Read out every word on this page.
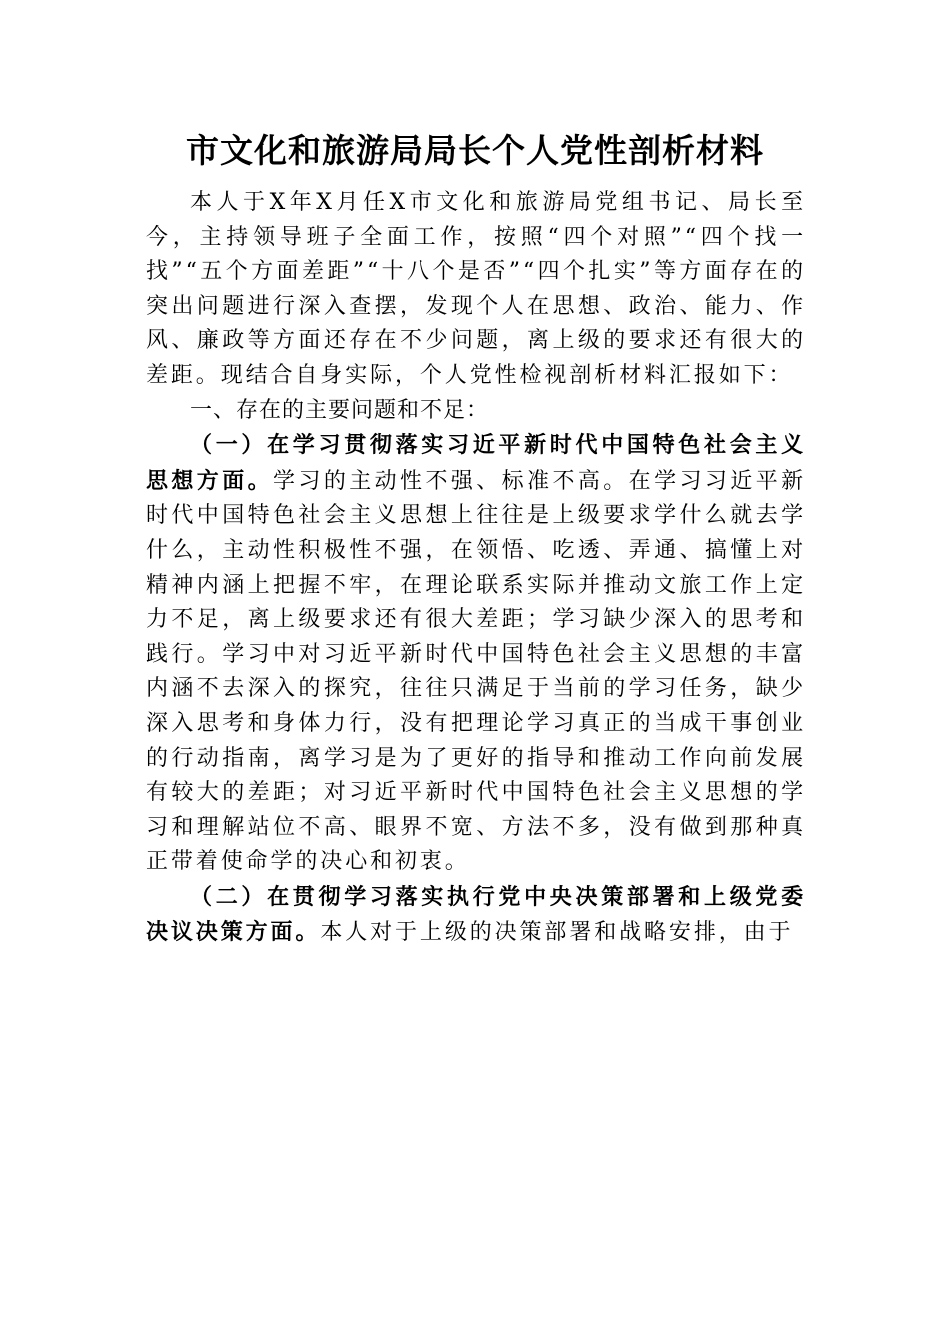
市文化和旅游局局长个人党性剖析材料

本人于X年X月任X市文化和旅游局党组书记、局长至今，主持领导班子全面工作，按照“四个对照”“四个找一找”“五个方面差距”“十八个是否”“四个扎实”等方面存在的突出问题进行深入查摆，发现个人在思想、政治、能力、作风、廉政等方面还存在不少问题，离上级的要求还有很大的差距。现结合自身实际，个人党性检视剖析材料汇报如下：

一、存在的主要问题和不足：

（一）在学习贯彻落实习近平新时代中国特色社会主义思想方面。学习的主动性不强、标准不高。在学习习近平新时代中国特色社会主义思想上往往是上级要求学什么就去学什么，主动性积极性不强，在领悟、吃透、弄通、搞懂上对精神内涵上把握不牢，在理论联系实际并推动文旅工作上定力不足，离上级要求还有很大差距；学习缺少深入的思考和践行。学习中对习近平新时代中国特色社会主义思想的丰富内涵不去深入的探究，往往只满足于当前的学习任务，缺少深入思考和身体力行，没有把理论学习真正的当成干事创业的行动指南，离学习是为了更好的指导和推动工作向前发展有较大的差距；对习近平新时代中国特色社会主义思想的学习和理解站位不高、眼界不宽、方法不多，没有做到那种真正带着使命学的决心和初衷。

（二）在贯彻学习落实执行党中央决策部署和上级党委决议决策方面。本人对于上级的决策部署和战略安排，由于
